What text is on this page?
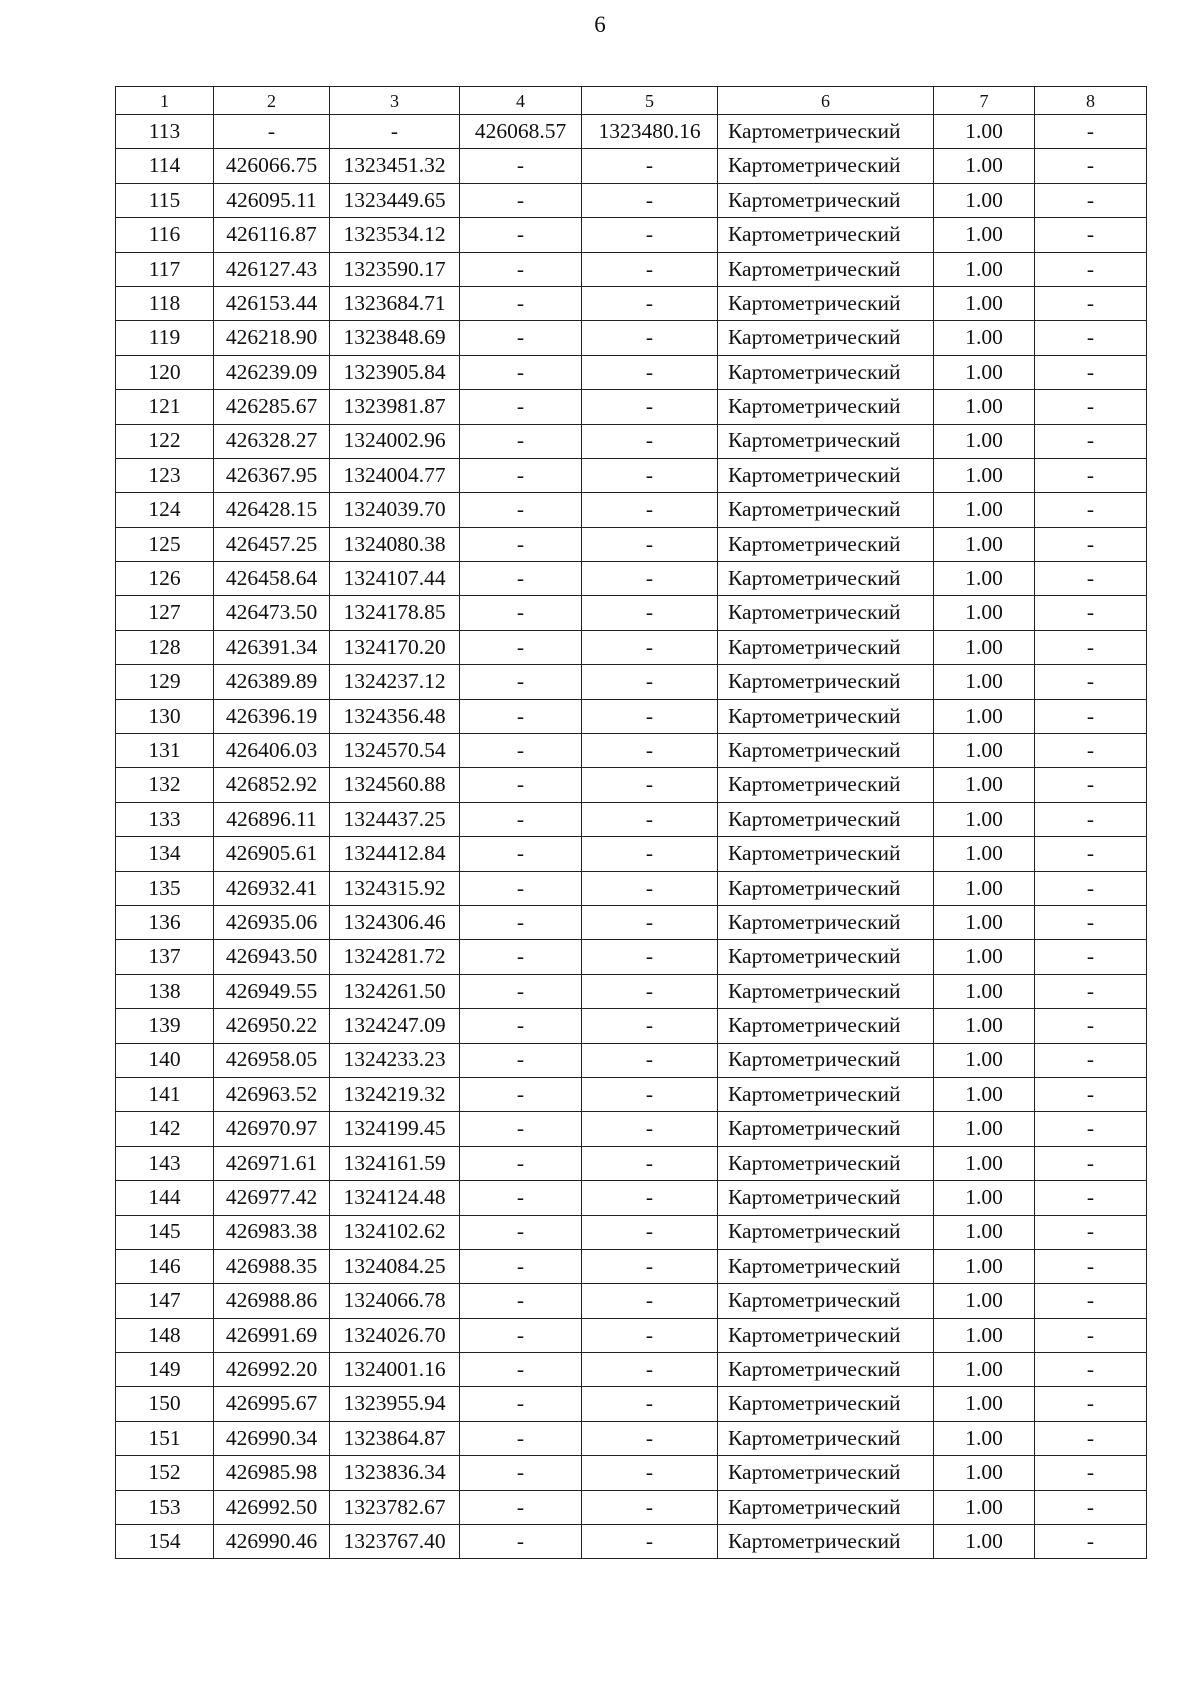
6
1	2	3	4	5	6	7	8
113	-	-	426068.57	1323480.16	Картометрический	1.00	-
114	426066.75	1323451.32	-	-	Картометрический	1.00	-
115	426095.11	1323449.65	-	-	Картометрический	1.00	-
116	426116.87	1323534.12	-	-	Картометрический	1.00	-
117	426127.43	1323590.17	-	-	Картометрический	1.00	-
118	426153.44	1323684.71	-	-	Картометрический	1.00	-
119	426218.90	1323848.69	-	-	Картометрический	1.00	-
120	426239.09	1323905.84	-	-	Картометрический	1.00	-
121	426285.67	1323981.87	-	-	Картометрический	1.00	-
122	426328.27	1324002.96	-	-	Картометрический	1.00	-
123	426367.95	1324004.77	-	-	Картометрический	1.00	-
124	426428.15	1324039.70	-	-	Картометрический	1.00	-
125	426457.25	1324080.38	-	-	Картометрический	1.00	-
126	426458.64	1324107.44	-	-	Картометрический	1.00	-
127	426473.50	1324178.85	-	-	Картометрический	1.00	-
128	426391.34	1324170.20	-	-	Картометрический	1.00	-
129	426389.89	1324237.12	-	-	Картометрический	1.00	-
130	426396.19	1324356.48	-	-	Картометрический	1.00	-
131	426406.03	1324570.54	-	-	Картометрический	1.00	-
132	426852.92	1324560.88	-	-	Картометрический	1.00	-
133	426896.11	1324437.25	-	-	Картометрический	1.00	-
134	426905.61	1324412.84	-	-	Картометрический	1.00	-
135	426932.41	1324315.92	-	-	Картометрический	1.00	-
136	426935.06	1324306.46	-	-	Картометрический	1.00	-
137	426943.50	1324281.72	-	-	Картометрический	1.00	-
138	426949.55	1324261.50	-	-	Картометрический	1.00	-
139	426950.22	1324247.09	-	-	Картометрический	1.00	-
140	426958.05	1324233.23	-	-	Картометрический	1.00	-
141	426963.52	1324219.32	-	-	Картометрический	1.00	-
142	426970.97	1324199.45	-	-	Картометрический	1.00	-
143	426971.61	1324161.59	-	-	Картометрический	1.00	-
144	426977.42	1324124.48	-	-	Картометрический	1.00	-
145	426983.38	1324102.62	-	-	Картометрический	1.00	-
146	426988.35	1324084.25	-	-	Картометрический	1.00	-
147	426988.86	1324066.78	-	-	Картометрический	1.00	-
148	426991.69	1324026.70	-	-	Картометрический	1.00	-
149	426992.20	1324001.16	-	-	Картометрический	1.00	-
150	426995.67	1323955.94	-	-	Картометрический	1.00	-
151	426990.34	1323864.87	-	-	Картометрический	1.00	-
152	426985.98	1323836.34	-	-	Картометрический	1.00	-
153	426992.50	1323782.67	-	-	Картометрический	1.00	-
154	426990.46	1323767.40	-	-	Картометрический	1.00	-
